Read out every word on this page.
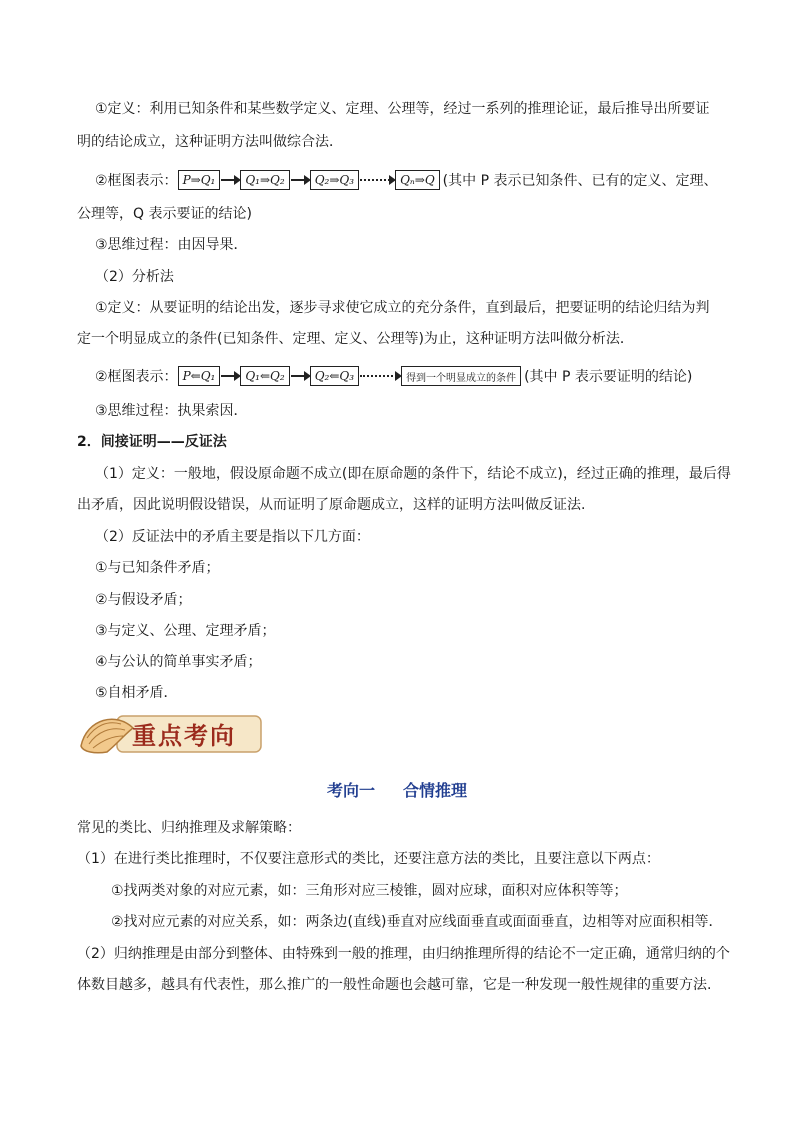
①定义：利用已知条件和某些数学定义、定理、公理等，经过一系列的推理论证，最后推导出所要证
明的结论成立，这种证明方法叫做综合法．
②框图表示： P⇒Q₁	Q₁⇒Q₂	Q₂⇒Q₃	Qₙ⇒Q (其中 P 表示已知条件、已有的定义、定理、
公理等，Q 表示要证的结论)
③思维过程：由因导果．
（2）分析法
①定义：从要证明的结论出发，逐步寻求使它成立的充分条件，直到最后，把要证明的结论归结为判
定一个明显成立的条件(已知条件、定理、定义、公理等)为止，这种证明方法叫做分析法．
②框图表示： P⇐Q₁	Q₁⇐Q₂	Q₂⇐Q₃	得到一个明显成立的条件 (其中 P 表示要证明的结论)
③思维过程：执果索因．
2．间接证明——反证法
（1）定义：一般地，假设原命题不成立(即在原命题的条件下，结论不成立)，经过正确的推理，最后得
出矛盾，因此说明假设错误，从而证明了原命题成立，这样的证明方法叫做反证法.
（2）反证法中的矛盾主要是指以下几方面：
①与已知条件矛盾；
②与假设矛盾；
③与定义、公理、定理矛盾；
④与公认的简单事实矛盾；
⑤自相矛盾．
重点考向
考向一 合情推理
常见的类比、归纳推理及求解策略：
（1）在进行类比推理时，不仅要注意形式的类比，还要注意方法的类比，且要注意以下两点：
①找两类对象的对应元素，如：三角形对应三棱锥，圆对应球，面积对应体积等等；
②找对应元素的对应关系，如：两条边(直线)垂直对应线面垂直或面面垂直，边相等对应面积相等．
（2）归纳推理是由部分到整体、由特殊到一般的推理，由归纳推理所得的结论不一定正确，通常归纳的个
体数目越多，越具有代表性，那么推广的一般性命题也会越可靠，它是一种发现一般性规律的重要方法.
